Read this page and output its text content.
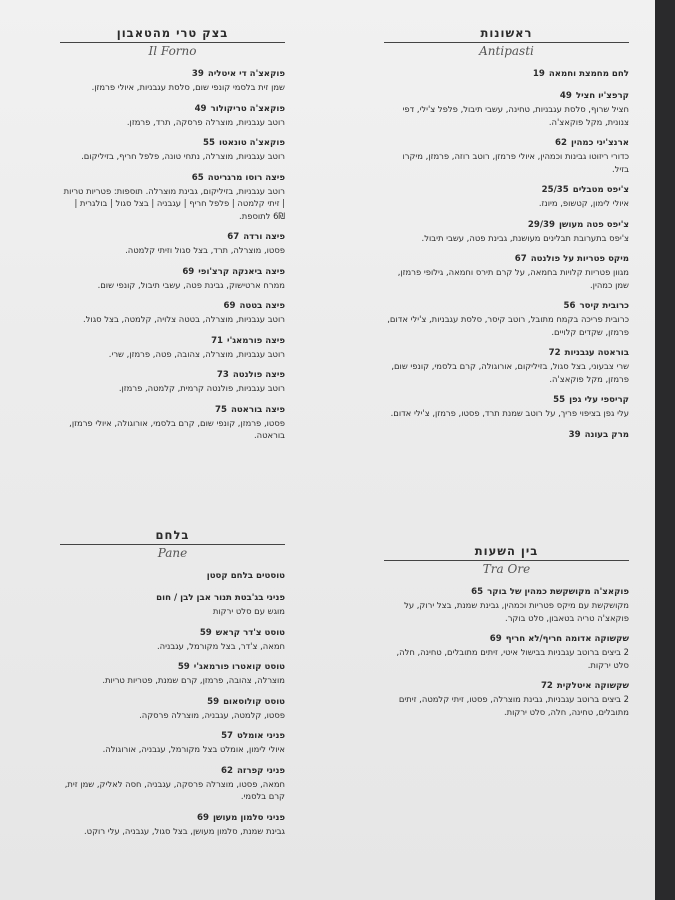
ראשונות
Antipasti
לחם מחמצת וחמאה19
קרפצ'יו חציל49
חציל שרוף, סלסת עגבניות, טחינה, עשבי תיבול, פלפל צ'ילי, דפי צנונית, מקל פוקאצ'ה.
ארנצ'יני כמהין62
כדורי ריזוטו גבינות וכמהין, איולי פרמזן, רוטב רוזה, פרמזן, מיקרו בזיל.
צ'יפס מטבלים25/35
איולי לימון, קטשופ, מיונז.
צ'יפס פטה מעושן29/39
צ'יפס בתערובת תבלינים מעושנת, גבינת פטה, עשבי תיבול.
מיקס פטריות על פולנטה67
מגוון פטריות קלויות בחמאה, על קרם תירס וחמאה, גילופי פרמזן, שמן כמהין.
כרובית קיסר56
כרובית פריכה בקמח מתובל, רוטב קיסר, סלסת עגבניות, צ'ילי אדום, פרמזן, שקדים קלויים.
בוראטה עגבניות72
שרי צבעוני, בצל סגול, בזיליקום, אורוגולה, קרם בלסמי, קונפי שום, פרמזן, מקל פוקאצ'ה.
קריספי עלי גפן55
עלי גפן בציפוי פריך, על רוטב שמנת תרד, פסטו, פרמזן, צ'ילי אדום.
מרק בעונה39
בצק טרי מהטאבון
Il Forno
פוקאצ'ה די איטליה39
שמן זית בלסמי קונפי שום, סלסת עגבניות, איולי פרמזן.
פוקאצ'ה טריקולור49
רוטב עגבניות, מוצרלה פרסקה, תרד, פרמזן.
פוקאצ'ה טונאטו55
רוטב עגבניות, מוצרלה, נתחי טונה, פלפל חריף, בזיליקום.
פיצה רוסו מרגריטה65
רוטב עגבניות, בזיליקום, גבינת מוצרלה. תוספות: פטריות טריות | זיתי קלמטה | פלפל חריף | עגבניה | בצל סגול | בולגרית | 6₪ לתוספת.
פיצה ורדה67
פסטו, מוצרלה, תרד, בצל סגול וזיתי קלמטה.
פיצה ביאנקה קרצ'ופי69
ממרח ארטישוק, גבינת פטה, עשבי תיבול, קונפי שום.
פיצה בטטה69
רוטב עגבניות, מוצרלה, בטטה צלויה, קלמטה, בצל סגול.
פיצה פורמאג'י71
רוטב עגבניות, מוצרלה, צהובה, פטה, פרמזן, שרי.
פיצה פולנטה73
רוטב עגבניות, פולנטה קרמית, קלמטה, פרמזן.
פיצה בוראטה75
פסטו, פרמזן, קונפי שום, קרם בלסמי, אורוגולה, איולי פרמזן, בוראטה.
בין השעות
Tra Ore
פוקאצ'ה מקושקשת כמהין של בוקר65
מקושקשת עם מיקס פטריות וכמהין, גבינת שמנת, בצל ירוק, על פוקאצ'ה טריה בטאבון, סלט בוקר.
שקשוקה אדומה חריף/לא חריף69
2 ביצים ברוטב עגבניות בבישול איטי, זיתים מתובלים, טחינה, חלה, סלט ירקות.
שקשוקה איטלקית72
2 ביצים ברוטב עגבניות, גבינת מוצרלה, פסטו, זיתי קלמטה, זיתים מתובלים, טחינה, חלה, סלט ירקות.
בלחם
Pane
טוסטים בלחם קסטן
פניני בג'בטת תנור אבן לבן / חום
מוגש עם סלט ירקות
טוסט צ'דר קראש59
חמאה, צ'דר, בצל מקורמל, עגבניה.
טוסט קואטרו פורמאג'י59
מוצרלה, צהובה, פרמזן, קרם שמנת, פטריות טריות.
טוסט קולוסאום59
פסטו, קלמטה, עגבניה, מוצרלה פרסקה.
פניני אומלט57
איולי לימון, אומלט בצל מקורמל, עגבניה, אורוגולה.
פניני קפרזה62
חמאה, פסטו, מוצרלה פרסקה, עגבניה, חסה לאליק, שמן זית, קרם בלסמי.
פניני סלמון מעושן69
גבינת שמנת, סלמון מעושן, בצל סגול, עגבניה, עלי רוקט.
